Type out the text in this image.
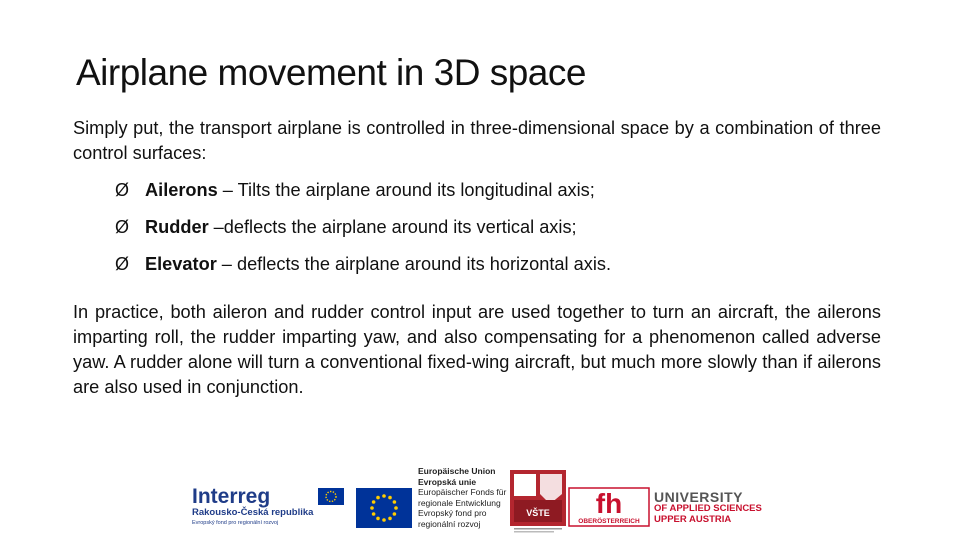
Airplane movement in 3D space

Simply put, the transport airplane is controlled in three-dimensional space by a combination of three control surfaces:

Ø Ailerons – Tilts the airplane around its longitudinal axis;
Ø Rudder –deflects the airplane around its vertical axis;
Ø Elevator – deflects the airplane around its horizontal axis.

In practice, both aileron and rudder control input are used together to turn an aircraft, the ailerons imparting roll, the rudder imparting yaw, and also compensating for a phenomenon called adverse yaw. A rudder alone will turn a conventional fixed-wing aircraft, but much more slowly than if ailerons are also used in conjunction.

Interreg
Rakousko-Česká republika
Evropský fond pro regionální rozvoj
Europäische Union
Evropská unie
Europäischer Fonds für
regionale Entwicklung
Evropský fond pro
regionální rozvoj
VŠTE fh
OBERÖSTERREICH
UNIVERSITY
OF APPLIED SCIENCES
UPPER AUSTRIA
